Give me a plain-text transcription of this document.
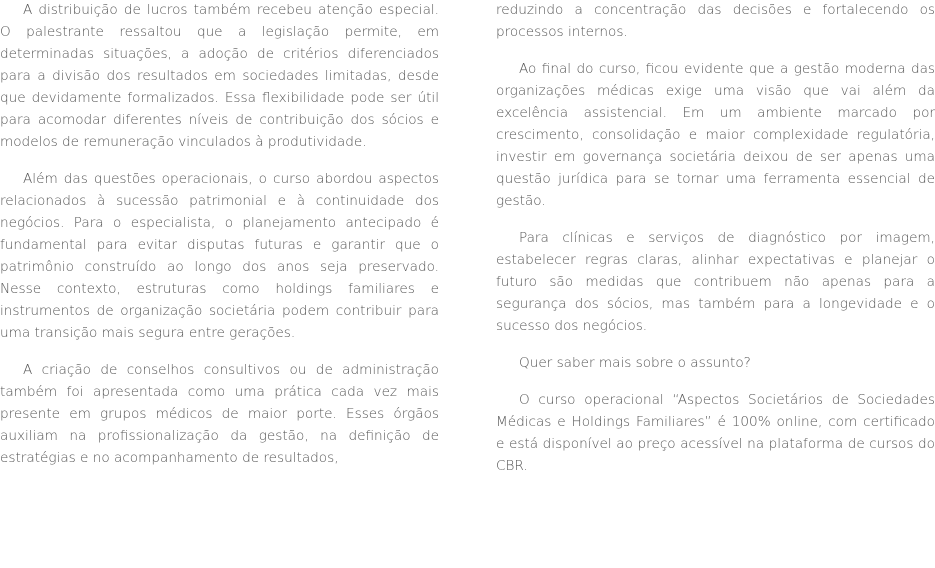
A distribuição de lucros também recebeu atenção especial. O palestrante ressaltou que a legislação permite, em determinadas situações, a adoção de critérios diferenciados para a divisão dos resultados em sociedades limitadas, desde que devidamente formalizados. Essa flexibilidade pode ser útil para acomodar diferentes níveis de contribuição dos sócios e modelos de remuneração vinculados à produtividade.

Além das questões operacionais, o curso abordou aspectos relacionados à sucessão patrimonial e à continuidade dos negócios. Para o especialista, o planejamento antecipado é fundamental para evitar disputas futuras e garantir que o patrimônio construído ao longo dos anos seja preservado. Nesse contexto, estruturas como holdings familiares e instrumentos de organização societária podem contribuir para uma transição mais segura entre gerações.

A criação de conselhos consultivos ou de administração também foi apresentada como uma prática cada vez mais presente em grupos médicos de maior porte. Esses órgãos auxiliam na profissionalização da gestão, na definição de estratégias e no acompanhamento de resultados,

reduzindo a concentração das decisões e fortalecendo os processos internos.

Ao final do curso, ficou evidente que a gestão moderna das organizações médicas exige uma visão que vai além da excelência assistencial. Em um ambiente marcado por crescimento, consolidação e maior complexidade regulatória, investir em governança societária deixou de ser apenas uma questão jurídica para se tornar uma ferramenta essencial de gestão.

Para clínicas e serviços de diagnóstico por imagem, estabelecer regras claras, alinhar expectativas e planejar o futuro são medidas que contribuem não apenas para a segurança dos sócios, mas também para a longevidade e o sucesso dos negócios.

Quer saber mais sobre o assunto?

O curso operacional “Aspectos Societários de Sociedades Médicas e Holdings Familiares” é 100% online, com certificado e está disponível ao preço acessível na plataforma de cursos do CBR.
